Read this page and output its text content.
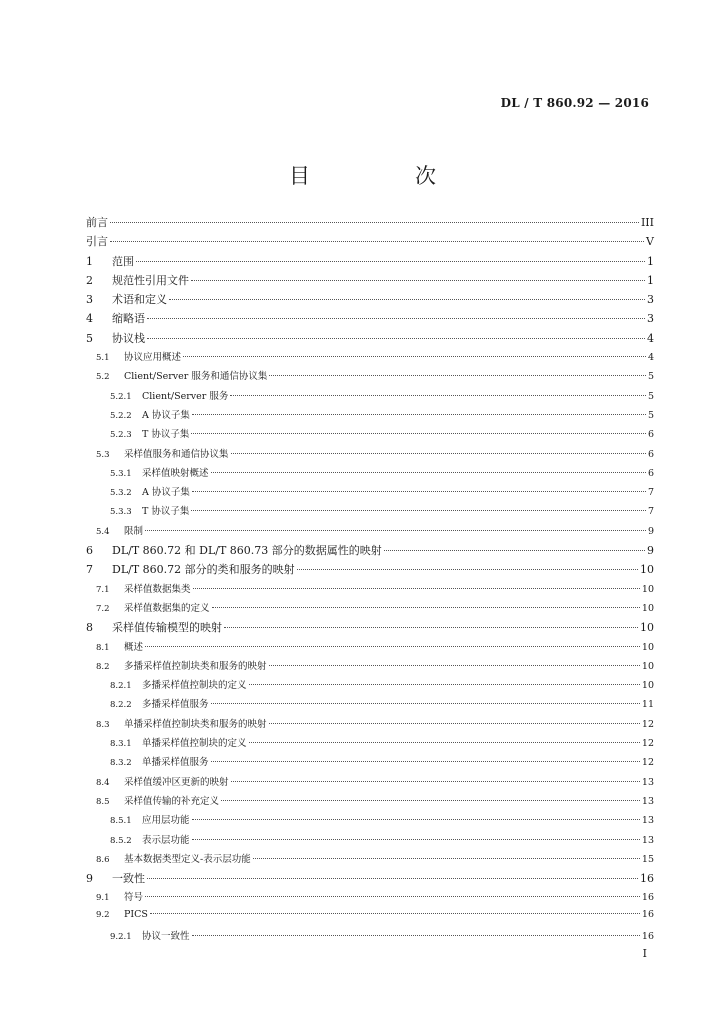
DL / T 860.92 — 2016
目　次
前言	III
引言	V
1	范围	1
2	规范性引用文件	1
3	术语和定义	3
4	缩略语	3
5	协议栈	4
5.1	协议应用概述	4
5.2	Client/Server 服务和通信协议集	5
5.2.1	Client/Server 服务	5
5.2.2	A 协议子集	5
5.2.3	T 协议子集	6
5.3	采样值服务和通信协议集	6
5.3.1	采样值映射概述	6
5.3.2	A 协议子集	7
5.3.3	T 协议子集	7
5.4	限制	9
6	DL/T 860.72 和 DL/T 860.73 部分的数据属性的映射	9
7	DL/T 860.72 部分的类和服务的映射	10
7.1	采样值数据集类	10
7.2	采样值数据集的定义	10
8	采样值传输模型的映射	10
8.1	概述	10
8.2	多播采样值控制块类和服务的映射	10
8.2.1	多播采样值控制块的定义	10
8.2.2	多播采样值服务	11
8.3	单播采样值控制块类和服务的映射	12
8.3.1	单播采样值控制块的定义	12
8.3.2	单播采样值服务	12
8.4	采样值缓冲区更新的映射	13
8.5	采样值传输的补充定义	13
8.5.1	应用层功能	13
8.5.2	表示层功能	13
8.6	基本数据类型定义-表示层功能	15
9	一致性	16
9.1	符号	16
9.2	PICS	16
9.2.1	协议一致性	16
I
